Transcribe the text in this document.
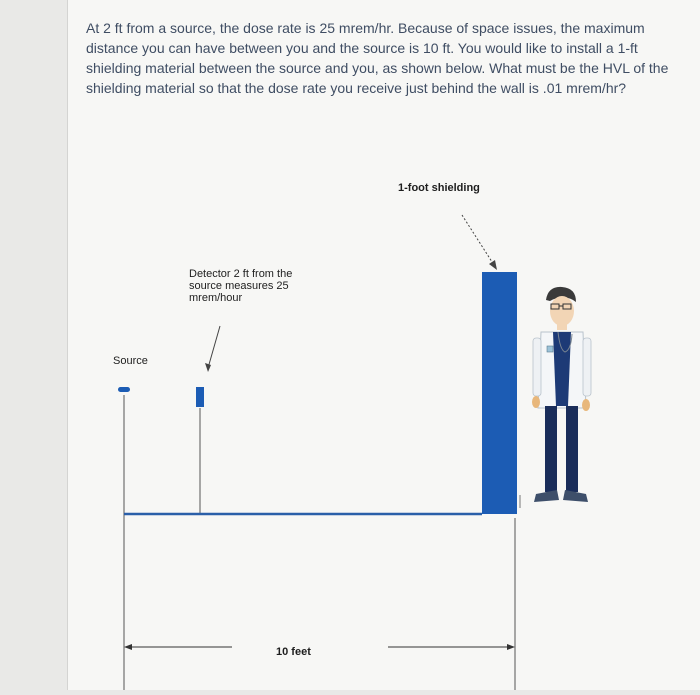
At 2 ft from a source, the dose rate is 25 mrem/hr. Because of space issues, the maximum distance you can have between you and the source is 10 ft. You would like to install a 1-ft shielding material between the source and you, as shown below. What must be the HVL of the shielding material so that the dose rate you receive just behind the wall is .01 mrem/hr?

1-foot shielding
Detector 2 ft from the
source measures 25
mrem/hour
Source
10 feet
